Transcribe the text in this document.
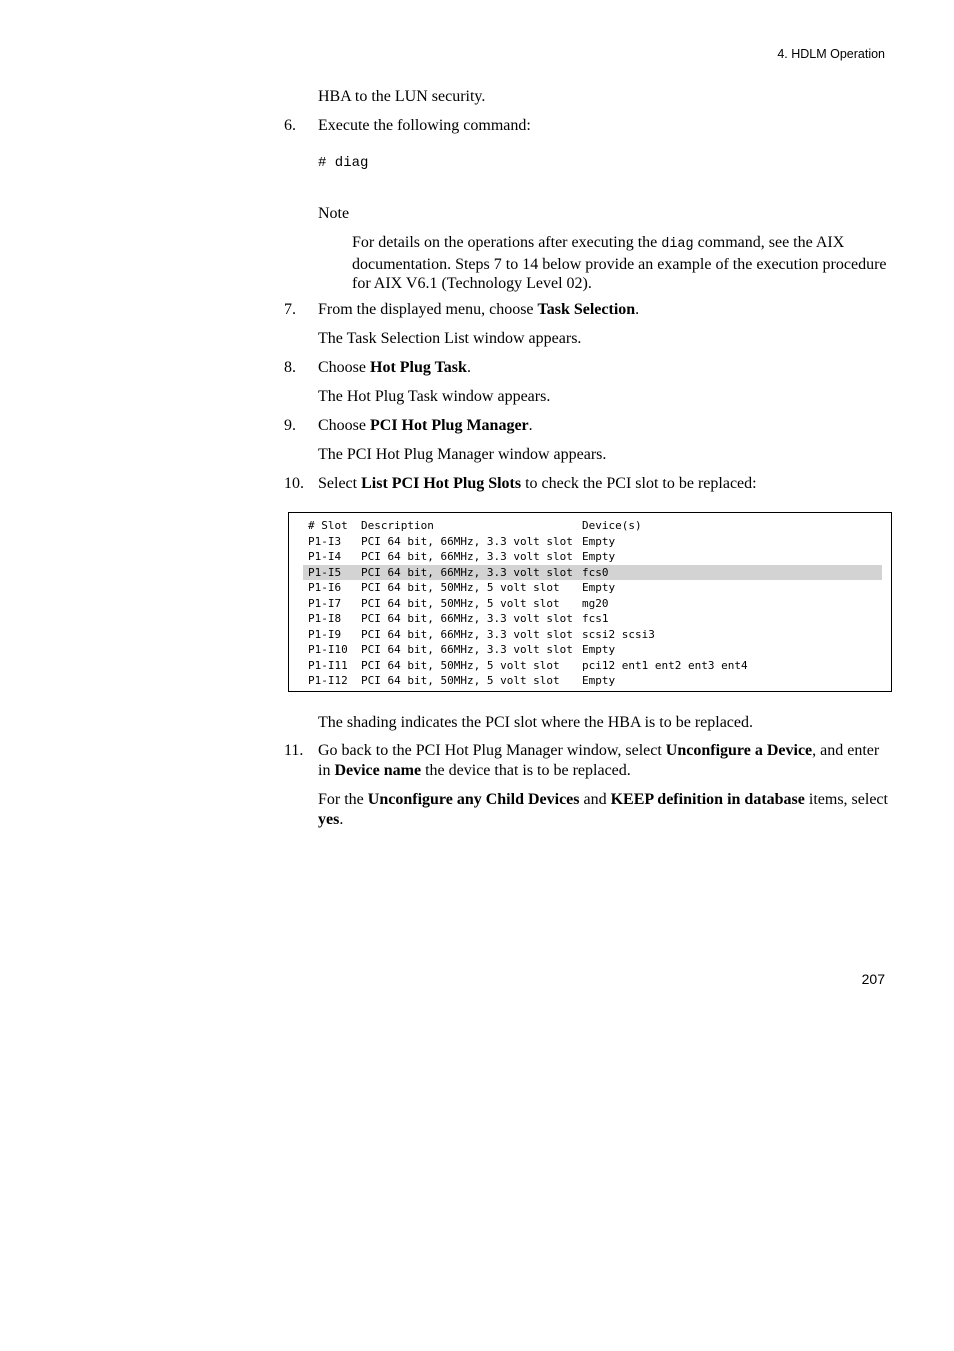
4. HDLM Operation
HBA to the LUN security.
6. Execute the following command:
# diag
Note
For details on the operations after executing the diag command, see the AIX documentation. Steps 7 to 14 below provide an example of the execution procedure for AIX V6.1 (Technology Level 02).
7. From the displayed menu, choose Task Selection.
The Task Selection List window appears.
8. Choose Hot Plug Task.
The Hot Plug Task window appears.
9. Choose PCI Hot Plug Manager.
The PCI Hot Plug Manager window appears.
10. Select List PCI Hot Plug Slots to check the PCI slot to be replaced:
# Slot Description	Device(s)
P1-I3 PCI 64 bit, 66MHz, 3.3 volt slot Empty
P1-I4 PCI 64 bit, 66MHz, 3.3 volt slot Empty
P1-I5 PCI 64 bit, 66MHz, 3.3 volt slot fcs0
P1-I6 PCI 64 bit, 50MHz, 5 volt slot Empty
P1-I7 PCI 64 bit, 50MHz, 5 volt slot mg20
P1-I8 PCI 64 bit, 66MHz, 3.3 volt slot fcs1
P1-I9 PCI 64 bit, 66MHz, 3.3 volt slot scsi2 scsi3
P1-I10 PCI 64 bit, 66MHz, 3.3 volt slot Empty
P1-I11 PCI 64 bit, 50MHz, 5 volt slot pci12 ent1 ent2 ent3 ent4
P1-I12 PCI 64 bit, 50MHz, 5 volt slot Empty
The shading indicates the PCI slot where the HBA is to be replaced.
11. Go back to the PCI Hot Plug Manager window, select Unconfigure a Device, and enter in Device name the device that is to be replaced.
For the Unconfigure any Child Devices and KEEP definition in database items, select yes.
207
